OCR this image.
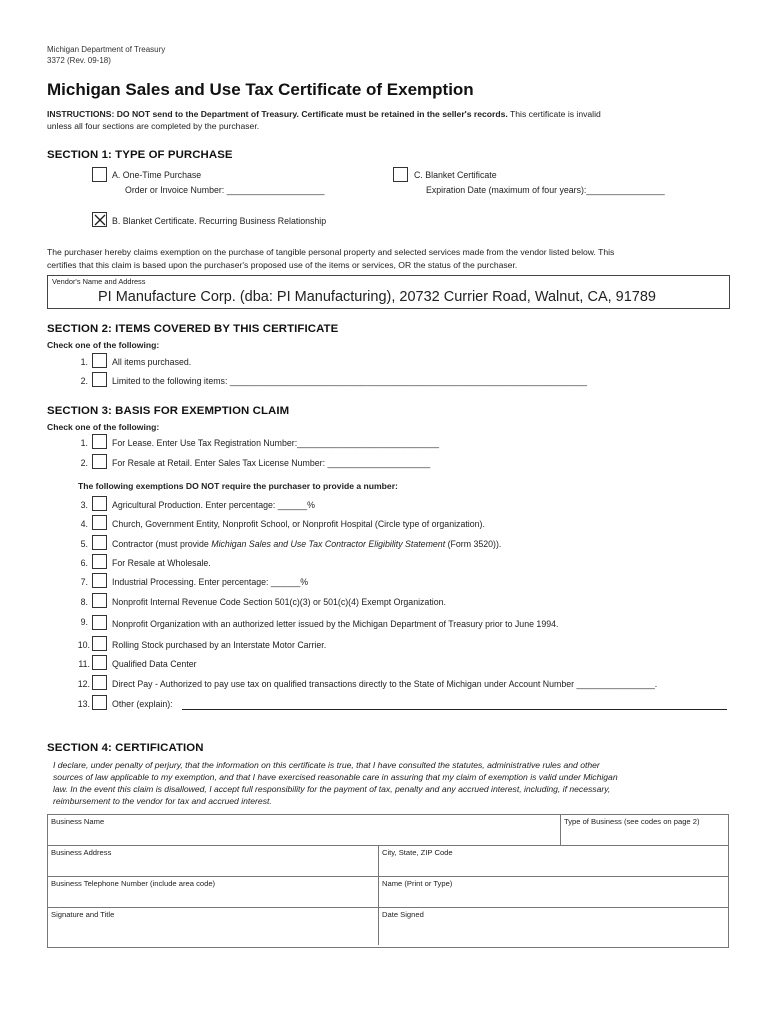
Michigan Department of Treasury
3372 (Rev. 09-18)
Michigan Sales and Use Tax Certificate of Exemption
INSTRUCTIONS: DO NOT send to the Department of Treasury. Certificate must be retained in the seller's records. This certificate is invalid
unless all four sections are completed by the purchaser.
SECTION 1: TYPE OF PURCHASE
A. One-Time Purchase
Order or Invoice Number: ____________________
C. Blanket Certificate
Expiration Date (maximum of four years):________________
B. Blanket Certificate. Recurring Business Relationship
The purchaser hereby claims exemption on the purchase of tangible personal property and selected services made from the vendor listed below. This
certifies that this claim is based upon the purchaser's proposed use of the items or services, OR the status of the purchaser.
Vendor's Name and Address
PI Manufacture Corp. (dba: PI Manufacturing), 20732 Currier Road, Walnut, CA, 91789
SECTION 2: ITEMS COVERED BY THIS CERTIFICATE
Check one of the following:
1.	All items purchased.
2.	Limited to the following items: _________________________________________________________________________
SECTION 3: BASIS FOR EXEMPTION CLAIM
Check one of the following:
1.	For Lease. Enter Use Tax Registration Number:_____________________________
2.	For Resale at Retail. Enter Sales Tax License Number: _____________________
The following exemptions DO NOT require the purchaser to provide a number:
3.	Agricultural Production. Enter percentage: ______%
4.	Church, Government Entity, Nonprofit School, or Nonprofit Hospital (Circle type of organization).
5.	Contractor (must provide Michigan Sales and Use Tax Contractor Eligibility Statement (Form 3520)).
6.	For Resale at Wholesale.
7.	Industrial Processing. Enter percentage: ______%
8.	Nonprofit Internal Revenue Code Section 501(c)(3) or 501(c)(4) Exempt Organization.
9.	Nonprofit Organization with an authorized letter issued by the Michigan Department of Treasury prior to June 1994.
10.	Rolling Stock purchased by an Interstate Motor Carrier.
11.	Qualified Data Center
12.	Direct Pay - Authorized to pay use tax on qualified transactions directly to the State of Michigan under Account Number ________________.
13.	Other (explain):
SECTION 4: CERTIFICATION
I declare, under penalty of perjury, that the information on this certificate is true, that I have consulted the statutes, administrative rules and other
sources of law applicable to my exemption, and that I have exercised reasonable care in assuring that my claim of exemption is valid under Michigan
law. In the event this claim is disallowed, I accept full responsibility for the payment of tax, penalty and any accrued interest, including, if necessary,
reimbursement to the vendor for tax and accrued interest.
Business Name	Type of Business (see codes on page 2)
Business Address	City, State, ZIP Code
Business Telephone Number (include area code)	Name (Print or Type)
Signature and Title	Date Signed
